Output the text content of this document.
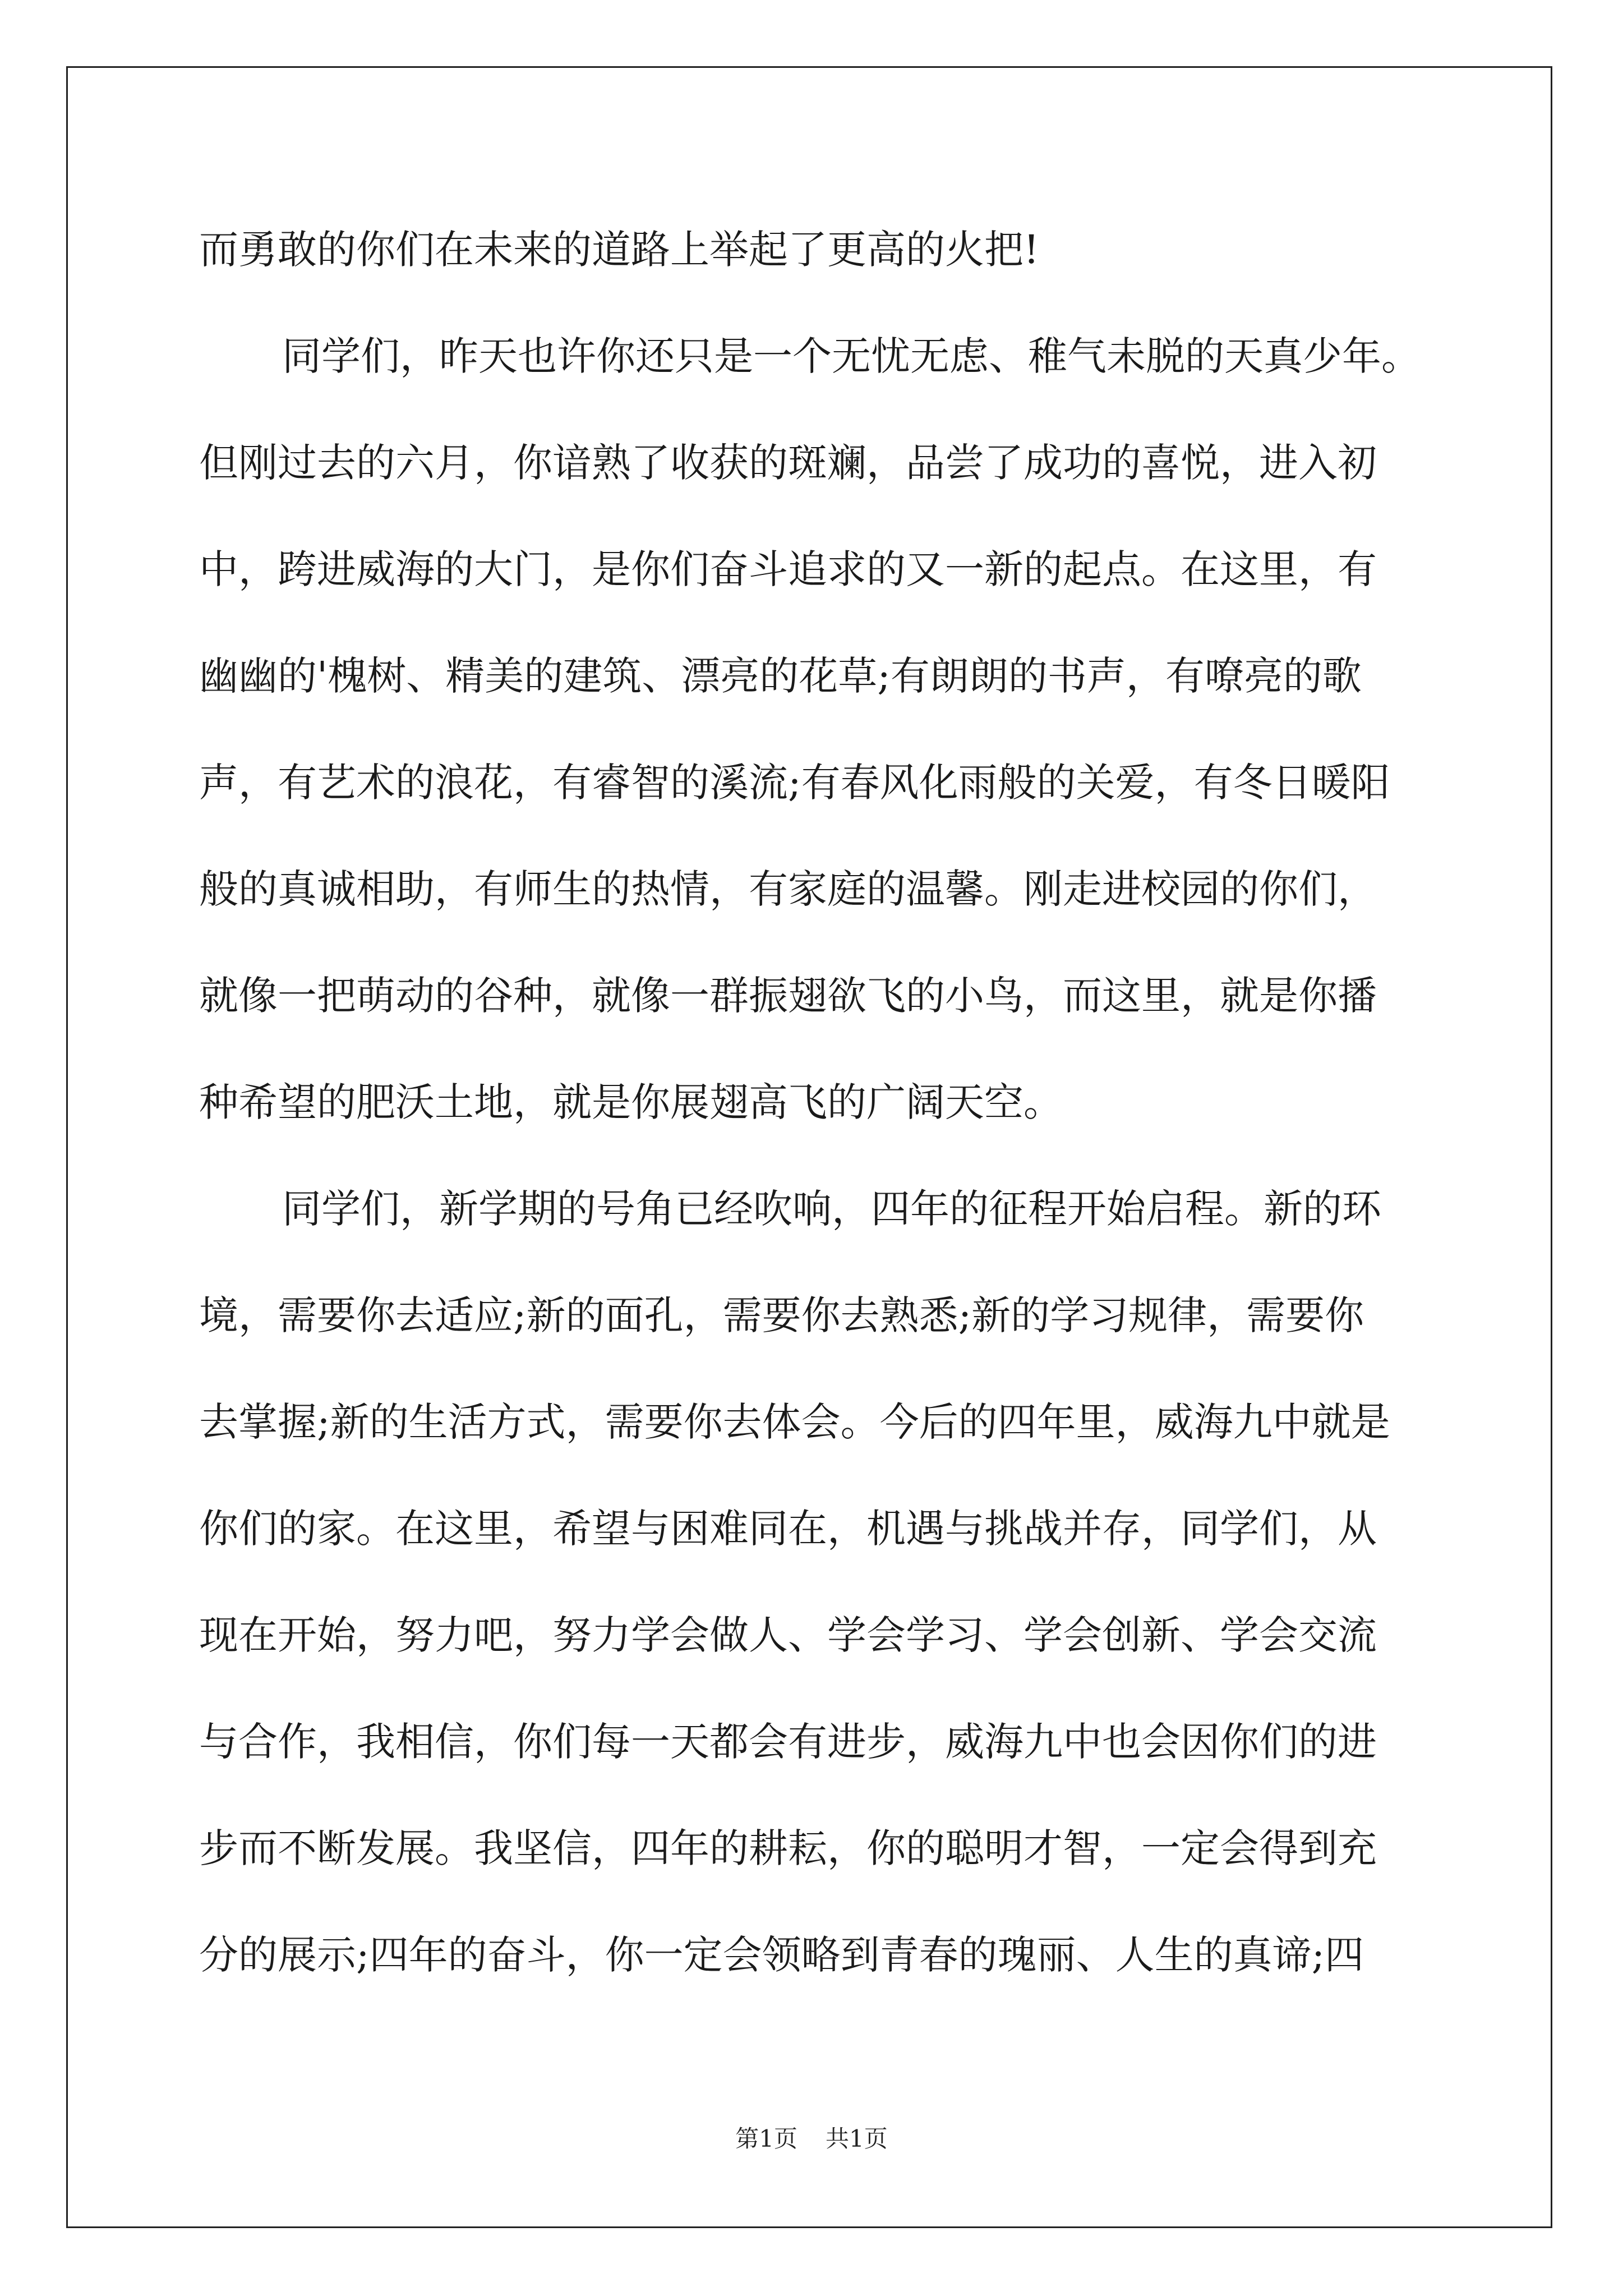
而勇敢的你们在未来的道路上举起了更高的火把!
同学们，昨天也许你还只是一个无忧无虑、稚气未脱的天真少年。
但刚过去的六月，你谙熟了收获的斑斓，品尝了成功的喜悦，进入初
中，跨进威海的大门，是你们奋斗追求的又一新的起点。在这里，有
幽幽的'槐树、精美的建筑、漂亮的花草;有朗朗的书声，有嘹亮的歌
声，有艺术的浪花，有睿智的溪流;有春风化雨般的关爱，有冬日暖阳
般的真诚相助，有师生的热情，有家庭的温馨。刚走进校园的你们，
就像一把萌动的谷种，就像一群振翅欲飞的小鸟，而这里，就是你播
种希望的肥沃土地，就是你展翅高飞的广阔天空。
同学们，新学期的号角已经吹响，四年的征程开始启程。新的环
境，需要你去适应;新的面孔，需要你去熟悉;新的学习规律，需要你
去掌握;新的生活方式，需要你去体会。今后的四年里，威海九中就是
你们的家。在这里，希望与困难同在，机遇与挑战并存，同学们，从
现在开始，努力吧，努力学会做人、学会学习、学会创新、学会交流
与合作，我相信，你们每一天都会有进步，威海九中也会因你们的进
步而不断发展。我坚信，四年的耕耘，你的聪明才智，一定会得到充
分的展示;四年的奋斗，你一定会领略到青春的瑰丽、人生的真谛;四
第1页 共1页
